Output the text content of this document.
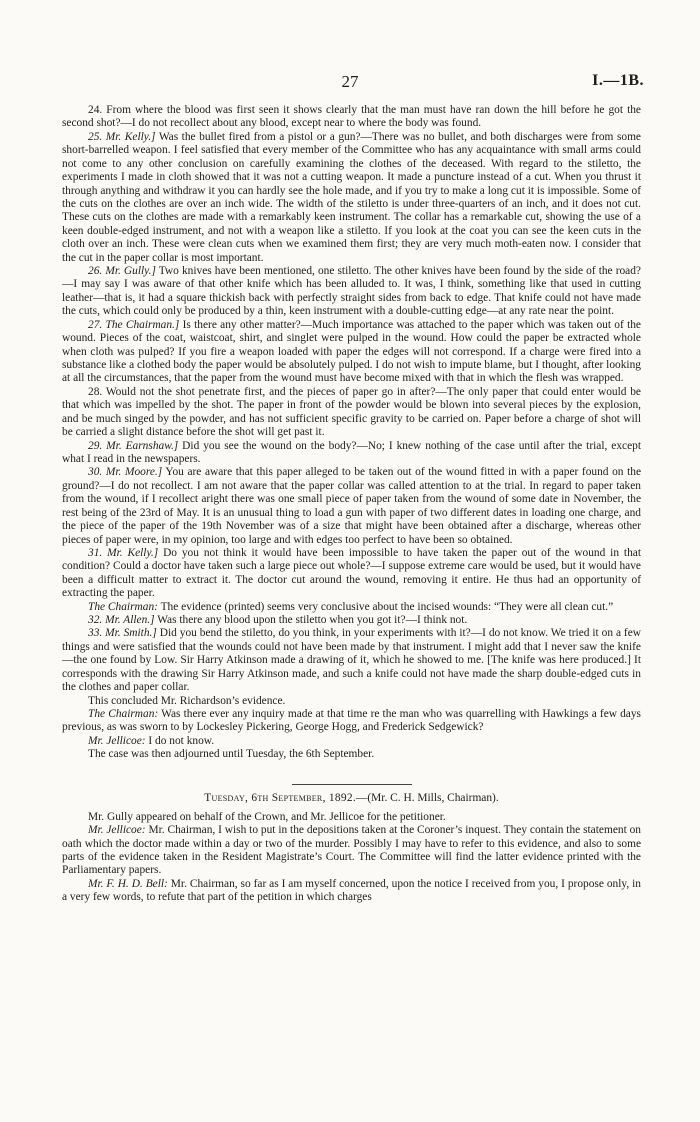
27	I.—1B.

24. From where the blood was first seen it shows clearly that the man must have ran down the hill before he got the second shot?—I do not recollect about any blood, except near to where the body was found.

25. Mr. Kelly.] Was the bullet fired from a pistol or a gun?—There was no bullet, and both discharges were from some short-barrelled weapon. I feel satisfied that every member of the Committee who has any acquaintance with small arms could not come to any other conclusion on carefully examining the clothes of the deceased. With regard to the stiletto, the experiments I made in cloth showed that it was not a cutting weapon. It made a puncture instead of a cut. When you thrust it through anything and withdraw it you can hardly see the hole made, and if you try to make a long cut it is impossible. Some of the cuts on the clothes are over an inch wide. The width of the stiletto is under three-quarters of an inch, and it does not cut. These cuts on the clothes are made with a remarkably keen instrument. The collar has a remarkable cut, showing the use of a keen double-edged instrument, and not with a weapon like a stiletto. If you look at the coat you can see the keen cuts in the cloth over an inch. These were clean cuts when we examined them first; they are very much moth-eaten now. I consider that the cut in the paper collar is most important.

26. Mr. Gully.] Two knives have been mentioned, one stiletto. The other knives have been found by the side of the road?—I may say I was aware of that other knife which has been alluded to. It was, I think, something like that used in cutting leather—that is, it had a square thickish back with perfectly straight sides from back to edge. That knife could not have made the cuts, which could only be produced by a thin, keen instrument with a double-cutting edge—at any rate near the point.

27. The Chairman.] Is there any other matter?—Much importance was attached to the paper which was taken out of the wound. Pieces of the coat, waistcoat, shirt, and singlet were pulped in the wound. How could the paper be extracted whole when cloth was pulped? If you fire a weapon loaded with paper the edges will not correspond. If a charge were fired into a substance like a clothed body the paper would be absolutely pulped. I do not wish to impute blame, but I thought, after looking at all the circumstances, that the paper from the wound must have become mixed with that in which the flesh was wrapped.

28. Would not the shot penetrate first, and the pieces of paper go in after?—The only paper that could enter would be that which was impelled by the shot. The paper in front of the powder would be blown into several pieces by the explosion, and be much singed by the powder, and has not sufficient specific gravity to be carried on. Paper before a charge of shot will be carried a slight distance before the shot will get past it.

29. Mr. Earnshaw.] Did you see the wound on the body?—No; I knew nothing of the case until after the trial, except what I read in the newspapers.

30. Mr. Moore.] You are aware that this paper alleged to be taken out of the wound fitted in with a paper found on the ground?—I do not recollect. I am not aware that the paper collar was called attention to at the trial. In regard to paper taken from the wound, if I recollect aright there was one small piece of paper taken from the wound of some date in November, the rest being of the 23rd of May. It is an unusual thing to load a gun with paper of two different dates in loading one charge, and the piece of the paper of the 19th November was of a size that might have been obtained after a discharge, whereas other pieces of paper were, in my opinion, too large and with edges too perfect to have been so obtained.

31. Mr. Kelly.] Do you not think it would have been impossible to have taken the paper out of the wound in that condition? Could a doctor have taken such a large piece out whole?—I suppose extreme care would be used, but it would have been a difficult matter to extract it. The doctor cut around the wound, removing it entire. He thus had an opportunity of extracting the paper.

The Chairman: The evidence (printed) seems very conclusive about the incised wounds: “They were all clean cut.”

32. Mr. Allen.] Was there any blood upon the stiletto when you got it?—I think not.

33. Mr. Smith.] Did you bend the stiletto, do you think, in your experiments with it?—I do not know. We tried it on a few things and were satisfied that the wounds could not have been made by that instrument. I might add that I never saw the knife—the one found by Low. Sir Harry Atkinson made a drawing of it, which he showed to me. [The knife was here produced.] It corresponds with the drawing Sir Harry Atkinson made, and such a knife could not have made the sharp double-edged cuts in the clothes and paper collar.

This concluded Mr. Richardson’s evidence.

The Chairman: Was there ever any inquiry made at that time re the man who was quarrelling with Hawkings a few days previous, as was sworn to by Lockesley Pickering, George Hogg, and Frederick Sedgewick?

Mr. Jellicoe: I do not know.

The case was then adjourned until Tuesday, the 6th September.

Tuesday, 6th September, 1892.—(Mr. C. H. Mills, Chairman).

Mr. Gully appeared on behalf of the Crown, and Mr. Jellicoe for the petitioner.

Mr. Jellicoe: Mr. Chairman, I wish to put in the depositions taken at the Coroner’s inquest. They contain the statement on oath which the doctor made within a day or two of the murder. Possibly I may have to refer to this evidence, and also to some parts of the evidence taken in the Resident Magistrate’s Court. The Committee will find the latter evidence printed with the Parliamentary papers.

Mr. F. H. D. Bell: Mr. Chairman, so far as I am myself concerned, upon the notice I received from you, I propose only, in a very few words, to refute that part of the petition in which charges
